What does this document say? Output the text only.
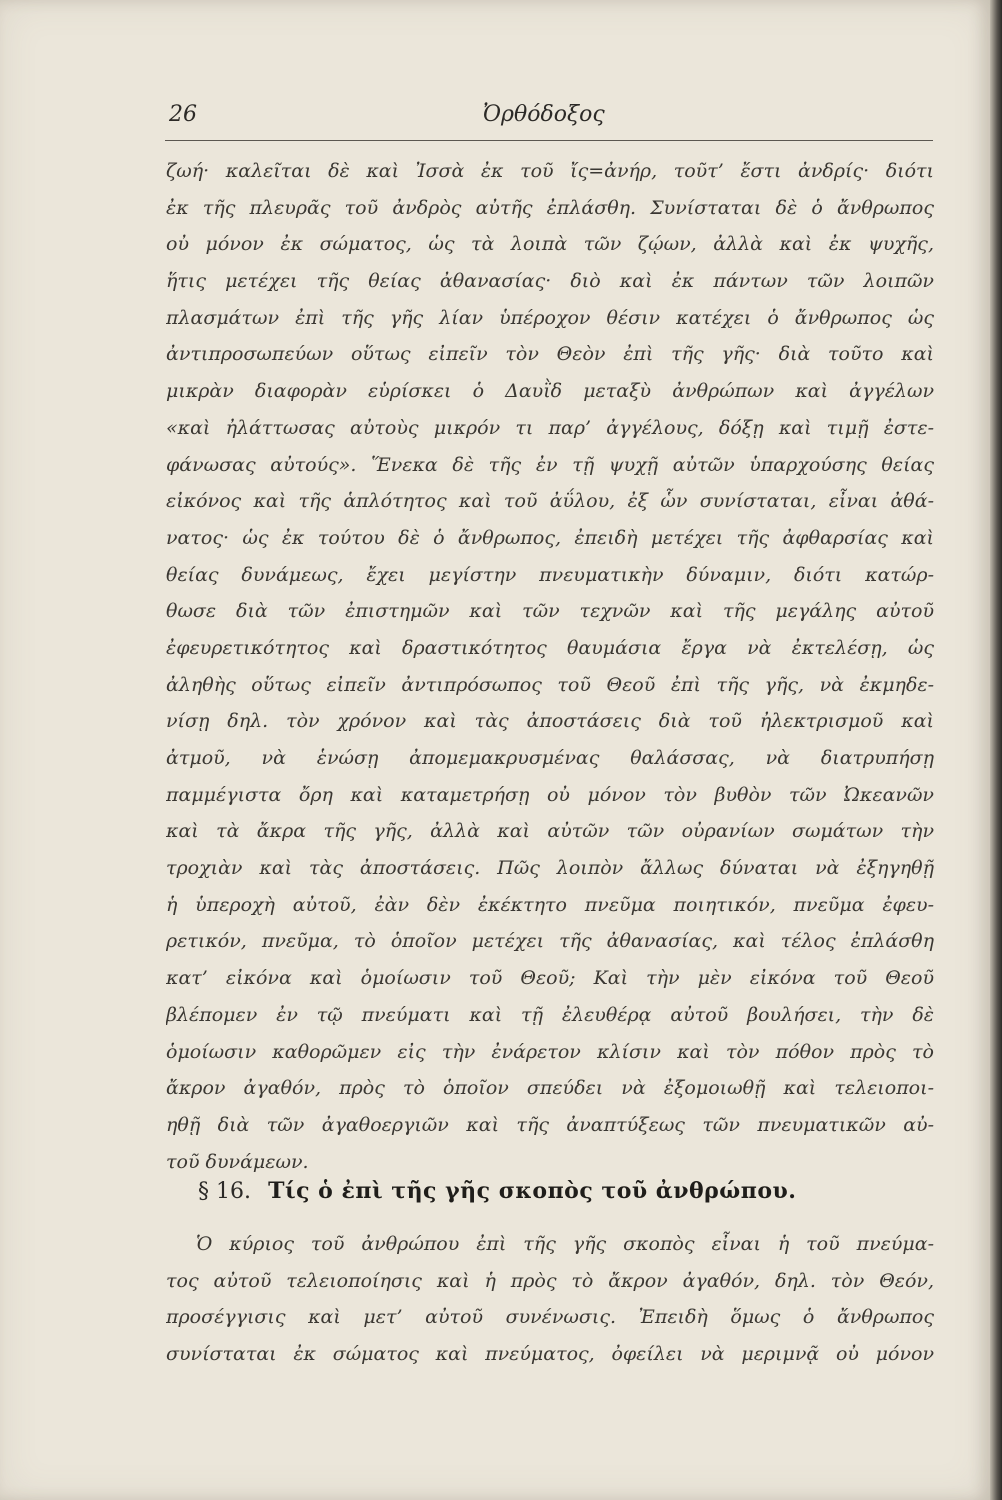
26	Ὀρθόδοξος
ζωή· καλεῖται δὲ καὶ Ἰσσὰ ἐκ τοῦ ἴς=ἀνήρ, τοῦτ’ ἔστι ἀνδρίς· διότι
ἐκ τῆς πλευρᾶς τοῦ ἀνδρὸς αὐτῆς ἐπλάσθη. Συνίσταται δὲ ὁ ἄνθρωπος
οὐ μόνον ἐκ σώματος, ὡς τὰ λοιπὰ τῶν ζῴων, ἀλλὰ καὶ ἐκ ψυχῆς,
ἥτις μετέχει τῆς θείας ἀθανασίας· διὸ καὶ ἐκ πάντων τῶν λοιπῶν
πλασμάτων ἐπὶ τῆς γῆς λίαν ὑπέροχον θέσιν κατέχει ὁ ἄνθρωπος ὡς
ἀντιπροσωπεύων οὕτως εἰπεῖν τὸν Θεὸν ἐπὶ τῆς γῆς· διὰ τοῦτο καὶ
μικρὰν διαφορὰν εὑρίσκει ὁ Δαυῒδ μεταξὺ ἀνθρώπων καὶ ἀγγέλων
«καὶ ἠλάττωσας αὐτοὺς μικρόν τι παρ’ ἀγγέλους, δόξῃ καὶ τιμῇ ἐστε-
φάνωσας αὐτούς». Ἕνεκα δὲ τῆς ἐν τῇ ψυχῇ αὐτῶν ὑπαρχούσης θείας
εἰκόνος καὶ τῆς ἁπλότητος καὶ τοῦ ἀΰλου, ἐξ ὧν συνίσταται, εἶναι ἀθά-
νατος· ὡς ἐκ τούτου δὲ ὁ ἄνθρωπος, ἐπειδὴ μετέχει τῆς ἀφθαρσίας καὶ
θείας δυνάμεως, ἔχει μεγίστην πνευματικὴν δύναμιν, διότι κατώρ-
θωσε διὰ τῶν ἐπιστημῶν καὶ τῶν τεχνῶν καὶ τῆς μεγάλης αὐτοῦ
ἐφευρετικότητος καὶ δραστικότητος θαυμάσια ἔργα νὰ ἐκτελέσῃ, ὡς
ἀληθὴς οὕτως εἰπεῖν ἀντιπρόσωπος τοῦ Θεοῦ ἐπὶ τῆς γῆς, νὰ ἐκμηδε-
νίσῃ δηλ. τὸν χρόνον καὶ τὰς ἀποστάσεις διὰ τοῦ ἠλεκτρισμοῦ καὶ
ἀτμοῦ, νὰ ἑνώσῃ ἀπομεμακρυσμένας θαλάσσας, νὰ διατρυπήσῃ
παμμέγιστα ὄρη καὶ καταμετρήσῃ οὐ μόνον τὸν βυθὸν τῶν Ὠκεανῶν
καὶ τὰ ἄκρα τῆς γῆς, ἀλλὰ καὶ αὐτῶν τῶν οὐρανίων σωμάτων τὴν
τροχιὰν καὶ τὰς ἀποστάσεις. Πῶς λοιπὸν ἄλλως δύναται νὰ ἐξηγηθῇ
ἡ ὑπεροχὴ αὐτοῦ, ἐὰν δὲν ἐκέκτητο πνεῦμα ποιητικόν, πνεῦμα ἐφευ-
ρετικόν, πνεῦμα, τὸ ὁποῖον μετέχει τῆς ἀθανασίας, καὶ τέλος ἐπλάσθη
κατ’ εἰκόνα καὶ ὁμοίωσιν τοῦ Θεοῦ; Καὶ τὴν μὲν εἰκόνα τοῦ Θεοῦ
βλέπομεν ἐν τῷ πνεύματι καὶ τῇ ἐλευθέρᾳ αὐτοῦ βουλήσει, τὴν δὲ
ὁμοίωσιν καθορῶμεν εἰς τὴν ἐνάρετον κλίσιν καὶ τὸν πόθον πρὸς τὸ
ἄκρον ἀγαθόν, πρὸς τὸ ὁποῖον σπεύδει νὰ ἐξομοιωθῇ καὶ τελειοποι-
ηθῇ διὰ τῶν ἀγαθοεργιῶν καὶ τῆς ἀναπτύξεως τῶν πνευματικῶν αὐ-
τοῦ δυνάμεων.
§ 16. Τίς ὁ ἐπὶ τῆς γῆς σκοπὸς τοῦ ἀνθρώπου.
Ὁ κύριος τοῦ ἀνθρώπου ἐπὶ τῆς γῆς σκοπὸς εἶναι ἡ τοῦ πνεύμα-
τος αὐτοῦ τελειοποίησις καὶ ἡ πρὸς τὸ ἄκρον ἀγαθόν, δηλ. τὸν Θεόν,
προσέγγισις καὶ μετ’ αὐτοῦ συνένωσις. Ἐπειδὴ ὅμως ὁ ἄνθρωπος
συνίσταται ἐκ σώματος καὶ πνεύματος, ὀφείλει νὰ μεριμνᾷ οὐ μόνον
